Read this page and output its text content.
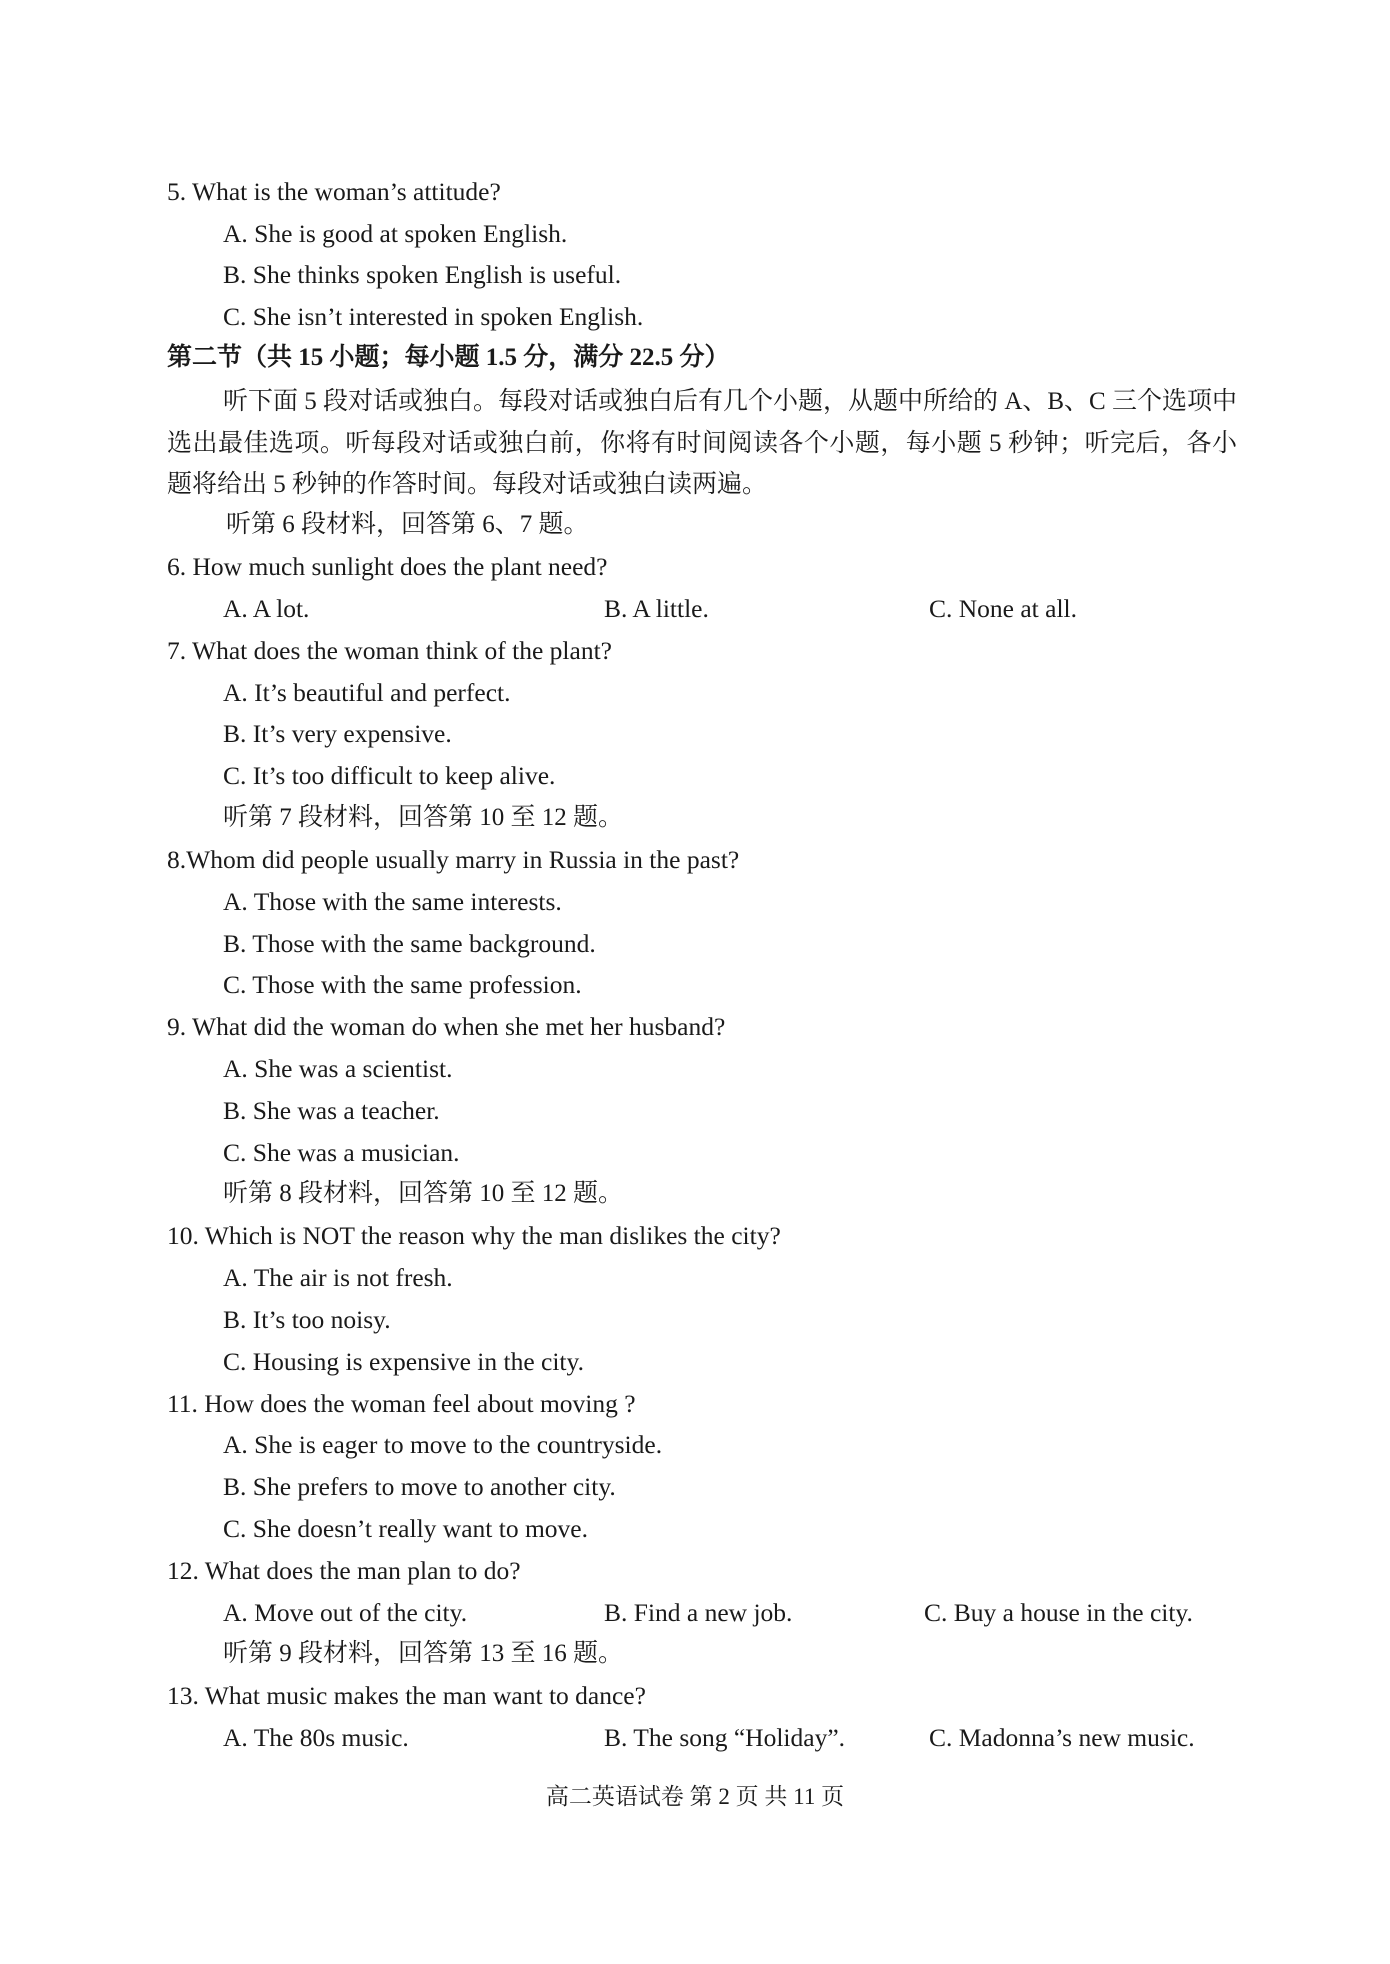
5. What is the woman’s attitude?
A. She is good at spoken English.
B. She thinks spoken English is useful.
C. She isn’t interested in spoken English.
第二节（共 15 小题；每小题 1.5 分，满分 22.5 分）
听下面 5 段对话或独白。每段对话或独白后有几个小题，从题中所给的 A、B、C 三个选项中选出最佳选项。听每段对话或独白前，你将有时间阅读各个小题，每小题 5 秒钟；听完后，各小题将给出 5 秒钟的作答时间。每段对话或独白读两遍。
听第 6 段材料，回答第 6、7 题。
6. How much sunlight does the plant need?
A. A lot.	B. A little.	C. None at all.
7. What does the woman think of the plant?
A. It’s beautiful and perfect.
B. It’s very expensive.
C. It’s too difficult to keep alive.
听第 7 段材料，回答第 10 至 12 题。
8.Whom did people usually marry in Russia in the past?
A. Those with the same interests.
B. Those with the same background.
C. Those with the same profession.
9. What did the woman do when she met her husband?
A. She was a scientist.
B. She was a teacher.
C. She was a musician.
听第 8 段材料，回答第 10 至 12 题。
10. Which is NOT the reason why the man dislikes the city?
A. The air is not fresh.
B. It’s too noisy.
C. Housing is expensive in the city.
11. How does the woman feel about moving ?
A. She is eager to move to the countryside.
B. She prefers to move to another city.
C. She doesn’t really want to move.
12. What does the man plan to do?
A. Move out of the city.	B. Find a new job.	C. Buy a house in the city.
听第 9 段材料，回答第 13 至 16 题。
13. What music makes the man want to dance?
A. The 80s music.	B. The song “Holiday”.	C. Madonna’s new music.
高二英语试卷 第 2 页 共 11 页
